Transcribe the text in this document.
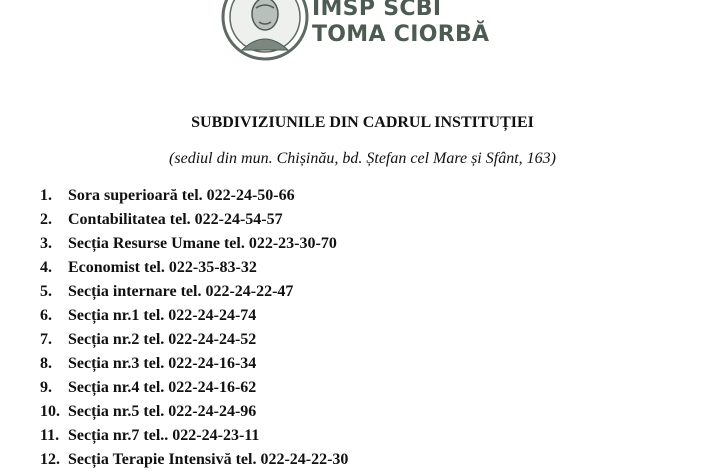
IMSP SCBI
TOMA CIORBĂ
SUBDIVIZIUNILE DIN CADRUL INSTITUȚIEI
(sediul din mun. Chișinău, bd. Ștefan cel Mare și Sfânt, 163)
1.	Sora superioară tel. 022-24-50-66
2.	Contabilitatea tel. 022-24-54-57
3.	Secția Resurse Umane tel. 022-23-30-70
4.	Economist tel. 022-35-83-32
5.	Secția internare tel. 022-24-22-47
6.	Secția nr.1 tel. 022-24-24-74
7.	Secția nr.2 tel. 022-24-24-52
8.	Secția nr.3 tel. 022-24-16-34
9.	Secția nr.4 tel. 022-24-16-62
10. Secția nr.5 tel. 022-24-24-96
11. Secția nr.7 tel.. 022-24-23-11
12. Secția Terapie Intensivă tel. 022-24-22-30
